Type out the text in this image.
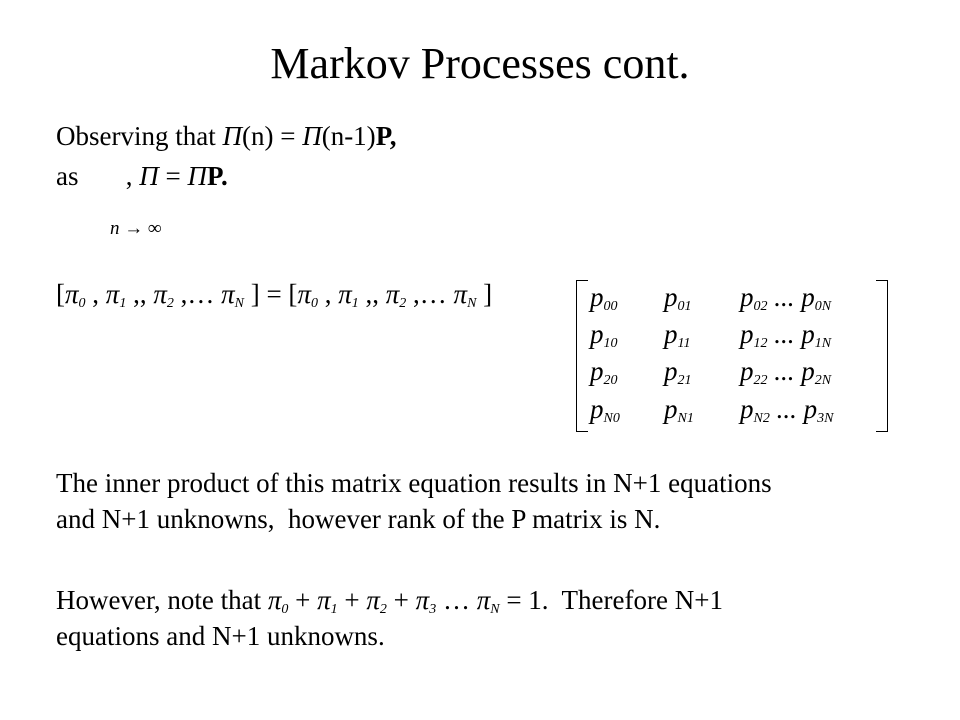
Markov Processes cont.
Observing that Π(n) = Π(n-1)P,
as       , Π = ΠP.
n → ∞
[$\pi_0$ , $\pi_1$ ,, $\pi_2$ ,… $\pi_N$ ] = [$\pi_0$ , $\pi_1$ ,, $\pi_2$ ,… $\pi_N$ ]	$p_{00}$ $p_{01}$ $p_{02}$ ... $p_{0N}$
$p_{10}$ $p_{11}$ $p_{12}$ ... $p_{1N}$
$p_{20}$ $p_{21}$ $p_{22}$ ... $p_{2N}$
$p_{N0}$ $p_{N1}$ $p_{N2}$ ... $p_{3N}$
The inner product of this matrix equation results in N+1 equations
and N+1 unknowns,  however rank of the P matrix is N.
However, note that $\pi_0 + \pi_1 + \pi_2 + \pi_3$ … $\pi_N = 1$.  Therefore N+1
equations and N+1 unknowns.
